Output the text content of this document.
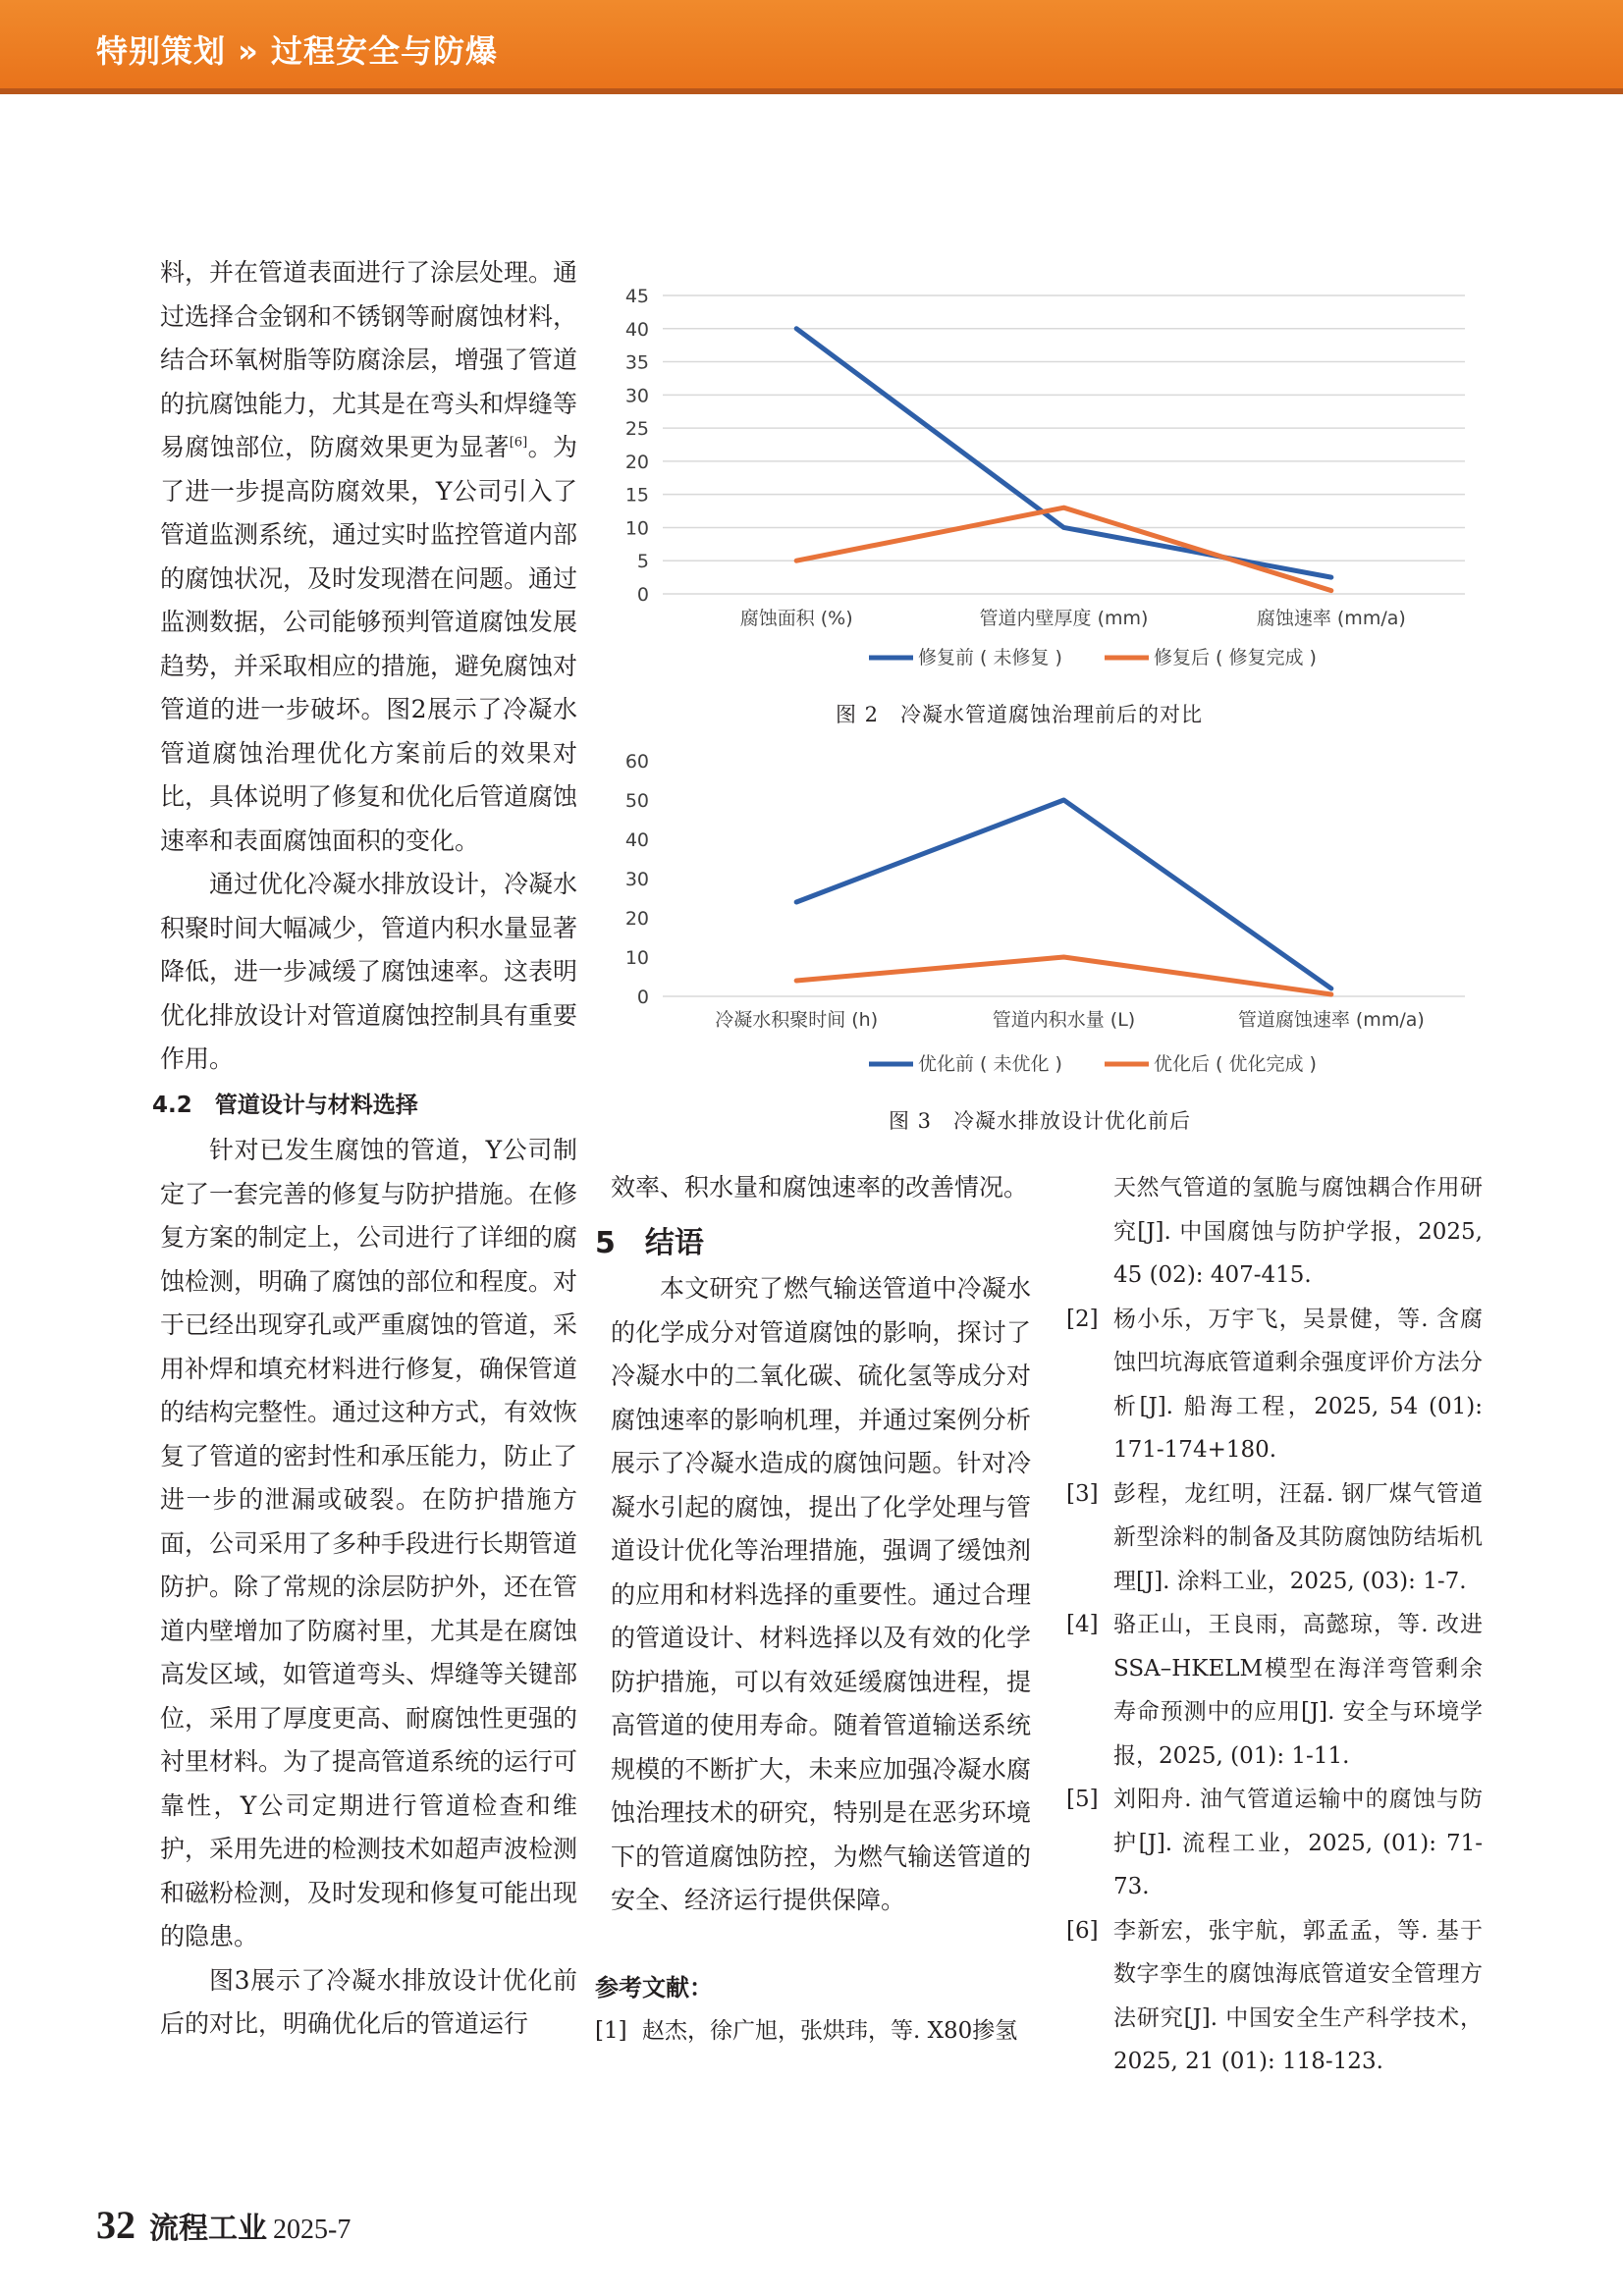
特别策划 » 过程安全与防爆

料，并在管道表面进行了涂层处理。通过选择合金钢和不锈钢等耐腐蚀材料，结合环氧树脂等防腐涂层，增强了管道的抗腐蚀能力，尤其是在弯头和焊缝等易腐蚀部位，防腐效果更为显著[6]。为了进一步提高防腐效果，Y公司引入了管道监测系统，通过实时监控管道内部的腐蚀状况，及时发现潜在问题。通过监测数据，公司能够预判管道腐蚀发展趋势，并采取相应的措施，避免腐蚀对管道的进一步破坏。图2展示了冷凝水管道腐蚀治理优化方案前后的效果对比，具体说明了修复和优化后管道腐蚀速率和表面腐蚀面积的变化。

通过优化冷凝水排放设计，冷凝水积聚时间大幅减少，管道内积水量显著降低，进一步减缓了腐蚀速率。这表明优化排放设计对管道腐蚀控制具有重要作用。

4.2　管道设计与材料选择

针对已发生腐蚀的管道，Y公司制定了一套完善的修复与防护措施。在修复方案的制定上，公司进行了详细的腐蚀检测，明确了腐蚀的部位和程度。对于已经出现穿孔或严重腐蚀的管道，采用补焊和填充材料进行修复，确保管道的结构完整性。通过这种方式，有效恢复了管道的密封性和承压能力，防止了进一步的泄漏或破裂。在防护措施方面，公司采用了多种手段进行长期管道防护。除了常规的涂层防护外，还在管道内壁增加了防腐衬里，尤其是在腐蚀高发区域，如管道弯头、焊缝等关键部位，采用了厚度更高、耐腐蚀性更强的衬里材料。为了提高管道系统的运行可靠性，Y公司定期进行管道检查和维护，采用先进的检测技术如超声波检测和磁粉检测，及时发现和修复可能出现的隐患。

图3展示了冷凝水排放设计优化前后的对比，明确优化后的管道运行

0
5
10
15
20
25
30
35
40
45
腐蚀面积 (%)	管道内壁厚度 (mm)	腐蚀速率 (mm/a)
修复前 ( 未修复 )	修复后 ( 修复完成 )
图 2　冷凝水管道腐蚀治理前后的对比
0
10
20
30
40
50
60
冷凝水积聚时间 (h)	管道内积水量 (L)	管道腐蚀速率 (mm/a)
优化前 ( 未优化 )	优化后 ( 优化完成 )
图 3　冷凝水排放设计优化前后

效率、积水量和腐蚀速率的改善情况。

5　结语

本文研究了燃气输送管道中冷凝水的化学成分对管道腐蚀的影响，探讨了冷凝水中的二氧化碳、硫化氢等成分对腐蚀速率的影响机理，并通过案例分析展示了冷凝水造成的腐蚀问题。针对冷凝水引起的腐蚀，提出了化学处理与管道设计优化等治理措施，强调了缓蚀剂的应用和材料选择的重要性。通过合理的管道设计、材料选择以及有效的化学防护措施，可以有效延缓腐蚀进程，提高管道的使用寿命。随着管道输送系统规模的不断扩大，未来应加强冷凝水腐蚀治理技术的研究，特别是在恶劣环境下的管道腐蚀防控，为燃气输送管道的安全、经济运行提供保障。

参考文献：
[1] 赵杰，徐广旭，张烘玮，等. X80掺氢
天然气管道的氢脆与腐蚀耦合作用研究[J]. 中国腐蚀与防护学报，2025, 45 (02): 407-415.
[2] 杨小乐，万宇飞，吴景健，等. 含腐蚀凹坑海底管道剩余强度评价方法分析[J]. 船海工程，2025, 54 (01): 171-174+180.
[3] 彭程，龙红明，汪磊. 钢厂煤气管道新型涂料的制备及其防腐蚀防结垢机理[J]. 涂料工业，2025, (03): 1-7.
[4] 骆正山，王良雨，高懿琼，等. 改进SSA–HKELM模型在海洋弯管剩余寿命预测中的应用[J]. 安全与环境学报，2025, (01): 1-11.
[5] 刘阳舟. 油气管道运输中的腐蚀与防护[J]. 流程工业，2025, (01): 71-73.
[6] 李新宏，张宇航，郭孟孟，等. 基于数字孪生的腐蚀海底管道安全管理方法研究[J]. 中国安全生产科学技术，2025, 21 (01): 118-123.
32 流程工业 2025-7
